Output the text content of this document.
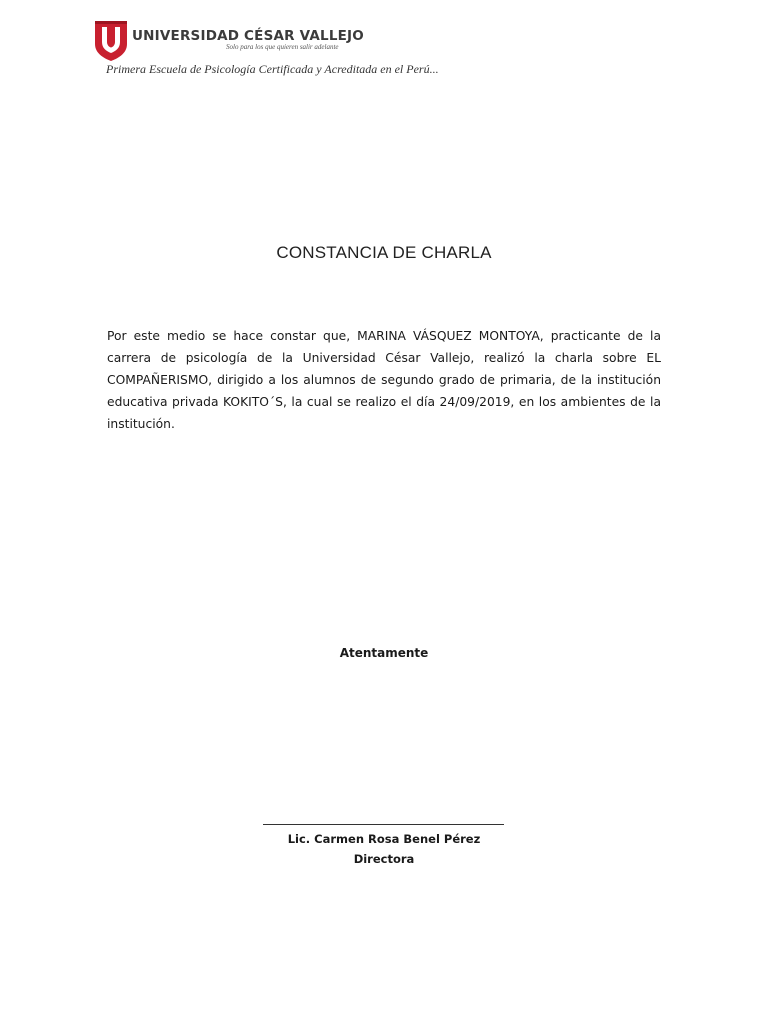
UNIVERSIDAD CÉSAR VALLEJO
Solo para los que quieren salir adelante
Primera Escuela de Psicología Certificada y Acreditada en el Perú...
CONSTANCIA DE CHARLA
Por este medio se hace constar que, MARINA VÁSQUEZ MONTOYA, practicante de la carrera de psicología de la Universidad César Vallejo, realizó la charla sobre EL COMPAÑERISMO, dirigido a los alumnos de segundo grado de primaria, de la institución educativa privada KOKITO´S, la cual se realizo el día 24/09/2019, en los ambientes de la institución.
Atentamente
Lic. Carmen Rosa Benel Pérez
Directora
